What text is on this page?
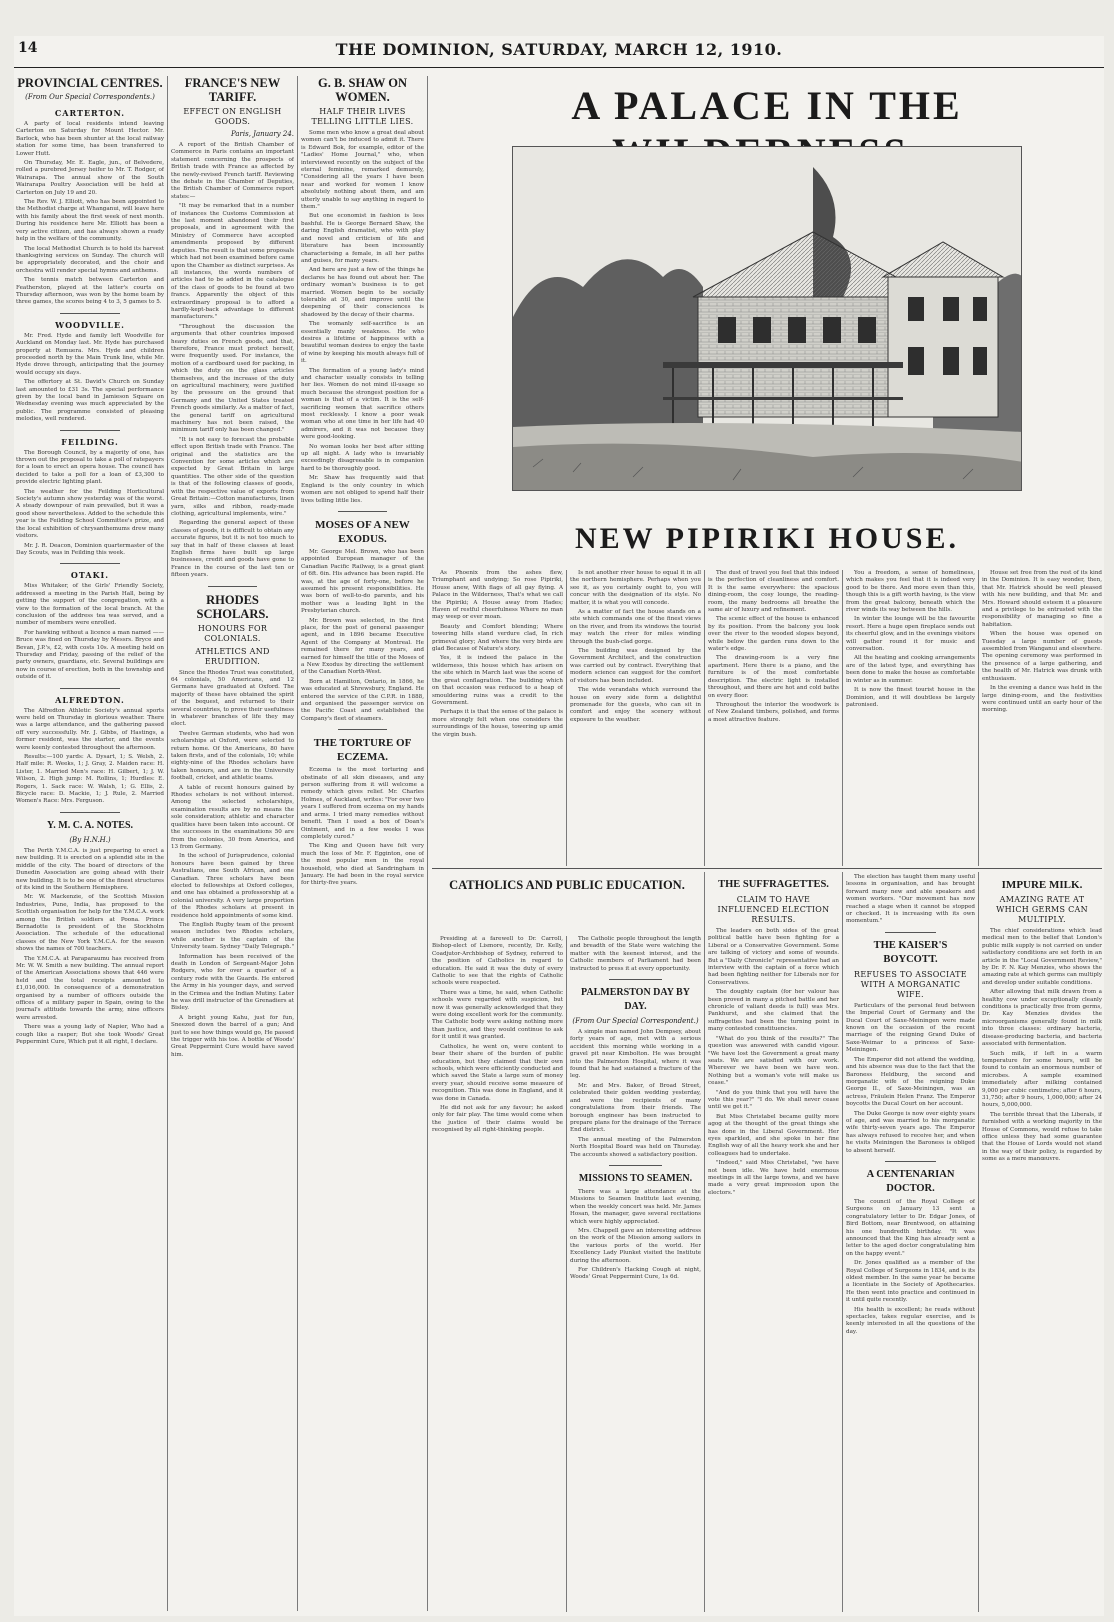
14	THE DOMINION, SATURDAY, MARCH 12, 1910.
PROVINCIAL CENTRES.
(From Our Special Correspondents.)
CARTERTON.

A party of local residents intend leaving Carterton on Saturday for Mount Hector. Mr. Barlock, who has been shunter at the local railway station for some time, has been transferred to Lower Hutt.

On Thursday, Mr. E. Eagle, jun., of Belvedere, rolled a purebred Jersey heifer to Mr. T. Rodger, of Wairarapa. The annual show of the South Wairarapa Poultry Association will be held at Carterton on July 19 and 20.

The Rev. W. J. Elliott, who has been appointed to the Methodist charge at Whanganui, will leave here with his family about the first week of next month. During his residence here Mr. Elliott has been a very active citizen, and has always shown a ready help in the welfare of the community.

The local Methodist Church is to hold its harvest thanksgiving services on Sunday. The church will be appropriately decorated, and the choir and orchestra will render special hymns and anthems.

The tennis match between Carterton and Featherston, played at the latter's courts on Thursday afternoon, was won by the home team by three games, the scores being 4 to 3, 5 games to 5.

WOODVILLE.

Mr. Fred. Hyde and family left Woodville for Auckland on Monday last. Mr. Hyde has purchased property at Remuera. Mrs. Hyde and children proceeded north by the Main Trunk line, while Mr. Hyde drove through, anticipating that the journey would occupy six days.

The offertory at St. David's Church on Sunday last amounted to £31 3s. The special performance given by the local band in Jamieson Square on Wednesday evening was much appreciated by the public. The programme consisted of pleasing melodies, well rendered.

FEILDING.

The Borough Council, by a majority of one, has thrown out the proposal to take a poll of ratepayers for a loan to erect an opera house. The council has decided to take a poll for a loan of £3,300 to provide electric lighting plant.

The weather for the Feilding Horticultural Society's autumn show yesterday was of the worst. A steady downpour of rain prevailed, but it was a good show nevertheless. Added to the schedule this year is the Feilding School Committee's prize, and the local exhibition of chrysanthemums drew many visitors.

Mr. J. R. Deacon, Dominion quartermaster of the Day Scouts, was in Feilding this week.

OTAKI.

Miss Whitaker, of the Girls' Friendly Society, addressed a meeting in the Parish Hall, being by getting the support of the congregation, with a view to the formation of the local branch. At the conclusion of the address tea was served, and a number of members were enrolled.

For hawking without a licence a man named —— Bruce was fined on Thursday by Messrs. Bryce and Bevan, J.P.'s, £2, with costs 10s. A meeting held on Thursday and Friday, passing of the relief of the party owners, guardians, etc. Several buildings are now in course of erection, both in the township and outside of it.

ALFREDTON.

The Alfredton Athletic Society's annual sports were held on Thursday in glorious weather. There was a large attendance, and the gathering passed off very successfully. Mr. J. Gibbs, of Hastings, a former resident, was the starter, and the events were keenly contested throughout the afternoon.

Results:—100 yards: A. Dysart, 1; S. Welsh, 2. Half mile: R. Weeks, 1; J. Gray, 2. Maiden race: H. Lister, 1. Married Men's race: H. Gilbert, 1; J. W. Wilson, 2. High jump: M. Rollins, 1; Hurdles: E. Rogers, 1. Sack race: W. Walsh, 1; G. Ellis, 2. Bicycle race: D. Mackie, 1; J. Rule, 2. Married Women's Race: Mrs. Ferguson.

Y. M. C. A. NOTES.
(By H.N.H.)

The Perth Y.M.C.A. is just preparing to erect a new building. It is erected on a splendid site in the middle of the city. The board of directors of the Dunedin Association are going ahead with their new building. It is to be one of the finest structures of its kind in the Southern Hemisphere.

Mr. W. Mackenzie, of the Scottish Mission Industries, Pune, India, has proposed to the Scottish organisation for help for the Y.M.C.A. work among the British soldiers at Poona. Prince Bernadotte is president of the Stockholm Association. The schedule of the educational classes of the New York Y.M.C.A. for the season shows the names of 700 teachers.

The Y.M.C.A. at Paraparaumu has received from Mr. W. W. Smith a new building. The annual report of the American Associations shows that 446 were held and the total receipts amounted to £1,016,000. In consequence of a demonstration organised by a number of officers outside the offices of a military paper in Spain, owing to the journal's attitude towards the army, nine officers were arrested.

There was a young lady of Napier, Who had a cough like a rasper; But she took Woods' Great Peppermint Cure, Which put it all right, I declare.

FRANCE'S NEW TARIFF.
EFFECT ON ENGLISH GOODS.
Paris, January 24.

A report of the British Chamber of Commerce in Paris contains an important statement concerning the prospects of British trade with France as affected by the newly-revised French tariff. Reviewing the debate in the Chamber of Deputies, the British Chamber of Commerce report states:—

"It may be remarked that in a number of instances the Customs Commission at the last moment abandoned their first proposals, and in agreement with the Ministry of Commerce have accepted amendments proposed by different deputies. The result is that some proposals which had not been examined before came upon the Chamber as distinct surprises. As all instances, the words numbers of articles had to be added in the catalogue of the class of goods to be found at two francs. Apparently the object of this extraordinary proposal is to afford a hardly-kept-back advantage to different manufacturers."

"Throughout the discussion the arguments that other countries imposed heavy duties on French goods, and that, therefore, France must protect herself, were frequently used. For instance, the motion of a cardboard used for packing, in which the duty on the glass articles themselves, and the increase of the duty on agricultural machinery, were justified by the pressure on the ground that Germany and the United States treated French goods similarly. As a matter of fact, the general tariff on agricultural machinery has not been raised, the minimum tariff only has been changed."

"It is not easy to forecast the probable effect upon British trade with France. The original and the statistics are the Convention for some articles which are expected by Great Britain in large quantities. The other side of the question is that of the following classes of goods, with the respective value of exports from Great Britain:—Cotton manufactures, linen yarn, silks and ribbon, ready-made clothing, agricultural implements, wire."

Regarding the general aspect of these classes of goods, it is difficult to obtain any accurate figures, but it is not too much to say that in half of these classes at least English firms have built up large businesses, credit and goods have gone to France in the course of the last ten or fifteen years.

RHODES SCHOLARS.
HONOURS FOR COLONIALS.
ATHLETICS AND ERUDITION.

Since the Rhodes Trust was constituted, 64 colonials, 50 Americans, and 12 Germans have graduated at Oxford. The majority of these have obtained the spirit of the bequest, and returned to their several countries, to prove their usefulness in whatever branches of life they may elect.

Twelve German students, who had won scholarships at Oxford, were selected to return home. Of the Americans, 80 have taken firsts, and of the colonials, 10; while eighty-nine of the Rhodes scholars have taken honours, and are in the University football, cricket, and athletic teams.

A table of recent honours gained by Rhodes scholars is not without interest. Among the selected scholarships, examination results are by no means the sole consideration; athletic and character qualities have been taken into account. Of the successes in the examinations 50 are from the colonies, 30 from America, and 13 from Germany.

In the school of Jurisprudence, colonial honours have been gained by three Australians, one South African, and one Canadian. Three scholars have been elected to fellowships at Oxford colleges, and one has obtained a professorship at a colonial university. A very large proportion of the Rhodes scholars at present in residence hold appointments of some kind.

The English Rugby team of the present season includes two Rhodes scholars, while another is the captain of the University team. Sydney "Daily Telegraph."

Information has been received of the death in London of Sergeant-Major John Rodgers, who for over a quarter of a century rode with the Guards. He entered the Army in his younger days, and served in the Crimea and the Indian Mutiny. Later he was drill instructor of the Grenadiers at Bisley.

A bright young Kahu, just for fun, Sneezed down the barrel of a gun; And just to see how things would go, He passed the trigger with his toe. A bottle of Woods' Great Peppermint Cure would have saved him.

G. B. SHAW ON WOMEN.
HALF THEIR LIVES TELLING LITTLE LIES.

Some men who know a great deal about women can't be induced to admit it. There is Edward Bok, for example, editor of the "Ladies' Home Journal," who, when interviewed recently on the subject of the eternal feminine, remarked demurely, "Considering all the years I have been near and worked for women I know absolutely nothing about them, and am utterly unable to say anything in regard to them."

But one economist in fashion is less bashful. He is George Bernard Shaw, the daring English dramatist, who with play and novel and criticism of life and literature has been incessantly characterising a female, in all her paths and guises, for many years.

And here are just a few of the things he declares he has found out about her. The ordinary woman's business is to get married. Women begin to be socially tolerable at 30, and improve until the deepening of their consciences is shadowed by the decay of their charms.

The womanly self-sacrifice is an essentially manly weakness. He who desires a lifetime of happiness with a beautiful woman desires to enjoy the taste of wine by keeping his mouth always full of it.

The formation of a young lady's mind and character usually consists in telling her lies. Women do not mind ill-usage so much because the strongest position for a woman is that of a victim. It is the self-sacrificing women that sacrifice others most recklessly. I know a poor weak woman who at one time in her life had 40 admirers, and it was not because they were good-looking.

No woman looks her best after sitting up all night. A lady who is invariably exceedingly disagreeable is in companion hard to be thoroughly good.

Mr. Shaw has frequently said that England is the only country in which women are not obliged to spend half their lives telling little lies.

MOSES OF A NEW EXODUS.

Mr. George Mel. Brown, who has been appointed European manager of the Canadian Pacific Railway, is a great giant of 6ft. 6in. His advance has been rapid. He was, at the age of forty-one, before he assumed his present responsibilities. He was born of well-to-do parents, and his mother was a leading light in the Presbyterian church.

Mr. Brown was selected, in the first place, for the post of general passenger agent, and in 1896 became Executive Agent of the Company at Montreal. He remained there for many years, and earned for himself the title of the Moses of a New Exodus by directing the settlement of the Canadian North-West.

Born at Hamilton, Ontario, in 1866, he was educated at Shrewsbury, England. He entered the service of the C.P.R. in 1888, and organised the passenger service on the Pacific Coast and established the Company's fleet of steamers.

THE TORTURE OF ECZEMA.

Eczema is the most torturing and obstinate of all skin diseases, and any person suffering from it will welcome a remedy which gives relief. Mr. Charles Holmes, of Auckland, writes: "For over two years I suffered from eczema on my hands and arms. I tried many remedies without benefit. Then I used a box of Doan's Ointment, and in a few weeks I was completely cured."

The King and Queen have felt very much the loss of Mr. F. Egginton, one of the most popular men in the royal household, who died at Sandringham in January. He had been in the royal service for thirty-five years.

A PALACE IN THE
NEW PIPIRIKI HOUSE.

As Phoenix from the ashes flew, Triumphant and undying; So rose Pipiriki, House anew, With flags of all gay flying. A Palace in the Wilderness, That's what we call the Pipiriki; A House away from Hades; Haven of restful cheerfulness Where no man may weep or ever moan.

Beauty and Comfort blending; Where towering hills stand verdure clad, In rich primeval glory; And where the very birds are glad Because of Nature's story.

Yes, it is indeed the palace in the wilderness, this house which has arisen on the site which in March last was the scene of the great conflagration. The building which on that occasion was reduced to a heap of smouldering ruins was a credit to the Government.

Perhaps it is that the sense of the palace is more strongly felt when one considers the surroundings of the house, towering up amid the virgin bush.

Is not another river house to equal it in all the northern hemisphere. Perhaps when you see it, as you certainly ought to, you will concur with the designation of its style. No matter, it is what you will concede.

As a matter of fact the house stands on a site which commands one of the finest views on the river, and from its windows the tourist may watch the river for miles winding through the bush-clad gorge.

The building was designed by the Government Architect, and the construction was carried out by contract. Everything that modern science can suggest for the comfort of visitors has been included.

The wide verandahs which surround the house on every side form a delightful promenade for the guests, who can sit in comfort and enjoy the scenery without exposure to the weather.

The dust of travel you feel that this indeed is the perfection of cleanliness and comfort. It is the same everywhere: the spacious dining-room, the cosy lounge, the reading-room, the many bedrooms all breathe the same air of luxury and refinement.

The scenic effect of the house is enhanced by its position. From the balcony you look over the river to the wooded slopes beyond, while below the garden runs down to the water's edge.

The drawing-room is a very fine apartment. Here there is a piano, and the furniture is of the most comfortable description. The electric light is installed throughout, and there are hot and cold baths on every floor.

Throughout the interior the woodwork is of New Zealand timbers, polished, and forms a most attractive feature.

You a freedom, a sense of homeliness, which makes you feel that it is indeed very good to be there. And more even than this, though this is a gift worth having, is the view from the great balcony, beneath which the river winds its way between the hills.

In winter the lounge will be the favourite resort. Here a huge open fireplace sends out its cheerful glow, and in the evenings visitors will gather round it for music and conversation.

All the heating and cooking arrangements are of the latest type, and everything has been done to make the house as comfortable in winter as in summer.

It is now the finest tourist house in the Dominion, and it will doubtless be largely patronised.

House set free from the rest of its kind in the Dominion. It is easy wonder, then, that Mr. Hatrick should be well pleased with his new building, and that Mr. and Mrs. Howard should esteem it a pleasure and a privilege to be entrusted with the responsibility of managing so fine a habitation.

When the house was opened on Tuesday a large number of guests assembled from Wanganui and elsewhere. The opening ceremony was performed in the presence of a large gathering, and the health of Mr. Hatrick was drunk with enthusiasm.

In the evening a dance was held in the large dining-room, and the festivities were continued until an early hour of the morning.

CATHOLICS AND PUBLIC EDUCATION.

Presiding at a farewell to Dr. Carroll, Bishop-elect of Lismore, recently, Dr. Kelly, Coadjutor-Archbishop of Sydney, referred to the position of Catholics in regard to education. He said it was the duty of every Catholic to see that the rights of Catholic schools were respected.

There was a time, he said, when Catholic schools were regarded with suspicion, but now it was generally acknowledged that they were doing excellent work for the community. The Catholic body were asking nothing more than justice, and they would continue to ask for it until it was granted.

Catholics, he went on, were content to bear their share of the burden of public education, but they claimed that their own schools, which were efficiently conducted and which saved the State a large sum of money every year, should receive some measure of recognition. This was done in England, and it was done in Canada.

He did not ask for any favour; he asked only for fair play. The time would come when the justice of their claims would be recognised by all right-thinking people.

The Catholic people throughout the length and breadth of the State were watching the matter with the keenest interest, and the Catholic members of Parliament had been instructed to press it at every opportunity.

PALMERSTON DAY BY DAY.
(From Our Special Correspondent.)

A simple man named John Dempsey, about forty years of age, met with a serious accident this morning while working in a gravel pit near Kimbolton. He was brought into the Palmerston Hospital, where it was found that he had sustained a fracture of the leg.

Mr. and Mrs. Baker, of Broad Street, celebrated their golden wedding yesterday, and were the recipients of many congratulations from their friends. The borough engineer has been instructed to prepare plans for the drainage of the Terrace End district.

The annual meeting of the Palmerston North Hospital Board was held on Thursday. The accounts showed a satisfactory position.

MISSIONS TO SEAMEN.

There was a large attendance at the Missions to Seamen Institute last evening, when the weekly concert was held. Mr. James Hosan, the manager, gave several recitations which were highly appreciated.

Mrs. Chappell gave an interesting address on the work of the Mission among sailors in the various ports of the world. Her Excellency Lady Plunket visited the Institute during the afternoon.

For Children's Hacking Cough at night, Woods' Great Peppermint Cure, 1s 6d.

THE SUFFRAGETTES.
CLAIM TO HAVE INFLUENCED ELECTION RESULTS.

The leaders on both sides of the great political battle have been fighting for a Liberal or a Conservative Government. Some are talking of victory and some of wounds. But a "Daily Chronicle" representative had an interview with the captain of a force which had been fighting neither for Liberals nor for Conservatives.

The doughty captain (for her valour has been proved in many a pitched battle and her chronicle of valiant deeds is full) was Mrs. Pankhurst, and she claimed that the suffragettes had been the turning point in many contested constituencies.

"What do you think of the results?" The question was answered with candid vigour. "We have lost the Government a great many seats. We are satisfied with our work. Wherever we have been we have won. Nothing but a woman's vote will make us cease."

"And do you think that you will have the vote this year?" "I do. We shall never cease until we get it."

But Miss Christabel became guilty more agog at the thought of the great things she has done in the Liberal Government. Her eyes sparkled, and she spoke in her fine English way of all the heavy work she and her colleagues had to undertake.

"Indeed," said Miss Christabel, "we have not been idle. We have held enormous meetings in all the large towns, and we have made a very great impression upon the electors."

The election has taught them many useful lessons in organisation, and has brought forward many new and able speakers and women workers. "Our movement has now reached a stage when it cannot be stopped or checked. It is increasing with its own momentum."

THE KAISER'S BOYCOTT.
REFUSES TO ASSOCIATE WITH A MORGANATIC WIFE.

Particulars of the personal feud between the Imperial Court of Germany and the Ducal Court of Saxe-Meiningen were made known on the occasion of the recent marriage of the reigning Grand Duke of Saxe-Weimar to a princess of Saxe-Meiningen.

The Emperor did not attend the wedding, and his absence was due to the fact that the Baroness Heldburg, the second and morganatic wife of the reigning Duke George II., of Saxe-Meiningen, was an actress, Fräulein Helen Franz. The Emperor boycotts the Ducal Court on her account.

The Duke George is now over eighty years of age, and was married to his morganatic wife thirty-seven years ago. The Emperor has always refused to receive her, and when he visits Meiningen the Baroness is obliged to absent herself.

A CENTENARIAN DOCTOR.

The council of the Royal College of Surgeons on January 13 sent a congratulatory letter to Dr. Edgar Jones, of Bird Bottom, near Brentwood, on attaining his one hundredth birthday. "It was announced that the King has already sent a letter to the aged doctor congratulating him on the happy event."

Dr. Jones qualified as a member of the Royal College of Surgeons in 1834, and is its oldest member. In the same year he became a licentiate in the Society of Apothecaries. He then went into practice and continued in it until quite recently.

His health is excellent; he reads without spectacles, takes regular exercise, and is keenly interested in all the questions of the day.

IMPURE MILK.
AMAZING RATE AT WHICH GERMS CAN MULTIPLY.

The chief considerations which lead medical men to the belief that London's public milk supply is not carried on under satisfactory conditions are set forth in an article in the "Local Government Review," by Dr. F. N. Kay Menzies, who shows the amazing rate at which germs can multiply and develop under suitable conditions.

After allowing that milk drawn from a healthy cow under exceptionally cleanly conditions is practically free from germs, Dr. Kay Menzies divides the microorganisms generally found in milk into three classes: ordinary bacteria, disease-producing bacteria, and bacteria associated with fermentation.

Such milk, if left in a warm temperature for some hours, will be found to contain an enormous number of microbes. A sample examined immediately after milking contained 9,000 per cubic centimetre; after 6 hours, 31,750; after 9 hours, 1,000,000; after 24 hours, 5,000,000.

The terrible threat that the Liberals, if furnished with a working majority in the House of Commons, would refuse to take office unless they had some guarantee that the House of Lords would not stand in the way of their policy, is regarded by some as a mere manœuvre.
